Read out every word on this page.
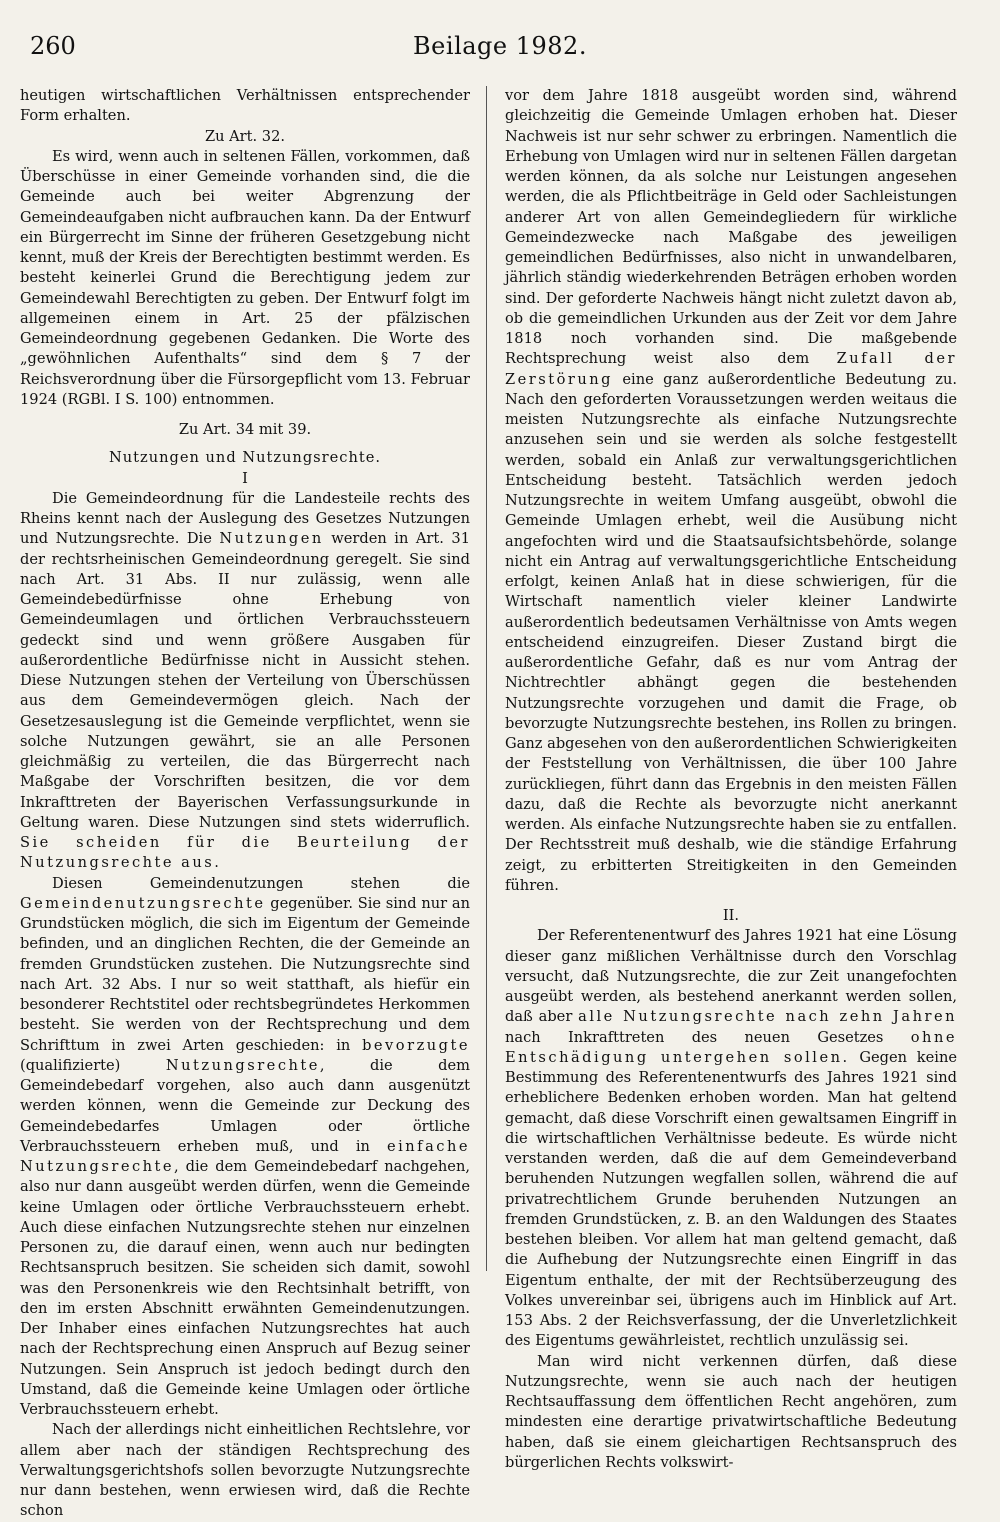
260	Beilage 1982.

heutigen wirtschaftlichen Verhältnissen entsprechender Form erhalten.

Zu Art. 32.

Es wird, wenn auch in seltenen Fällen, vorkommen, daß Überschüsse in einer Gemeinde vorhanden sind, die die Gemeinde auch bei weiter Abgrenzung der Gemeindeaufgaben nicht aufbrauchen kann. Da der Entwurf ein Bürgerrecht im Sinne der früheren Gesetzgebung nicht kennt, muß der Kreis der Berechtigten bestimmt werden. Es besteht keinerlei Grund die Berechtigung jedem zur Gemeindewahl Berechtigten zu geben. Der Entwurf folgt im allgemeinen einem in Art. 25 der pfälzischen Gemeindeordnung gegebenen Gedanken. Die Worte des „gewöhnlichen Aufenthalts“ sind dem § 7 der Reichsverordnung über die Fürsorgepflicht vom 13. Februar 1924 (RGBl. I S. 100) entnommen.

Zu Art. 34 mit 39.

Nutzungen und Nutzungsrechte.

I

Die Gemeindeordnung für die Landesteile rechts des Rheins kennt nach der Auslegung des Gesetzes Nutzungen und Nutzungsrechte. Die Nutzungen werden in Art. 31 der rechtsrheinischen Gemeindeordnung geregelt. Sie sind nach Art. 31 Abs. II nur zulässig, wenn alle Gemeindebedürfnisse ohne Erhebung von Gemeindeumlagen und örtlichen Verbrauchssteuern gedeckt sind und wenn größere Ausgaben für außerordentliche Bedürfnisse nicht in Aussicht stehen. Diese Nutzungen stehen der Verteilung von Überschüssen aus dem Gemeindevermögen gleich. Nach der Gesetzesauslegung ist die Gemeinde verpflichtet, wenn sie solche Nutzungen gewährt, sie an alle Personen gleichmäßig zu verteilen, die das Bürgerrecht nach Maßgabe der Vorschriften besitzen, die vor dem Inkrafttreten der Bayerischen Verfassungsurkunde in Geltung waren. Diese Nutzungen sind stets widerruflich. Sie scheiden für die Beurteilung der Nutzungsrechte aus.

Diesen Gemeindenutzungen stehen die Gemeindenutzungsrechte gegenüber. Sie sind nur an Grundstücken möglich, die sich im Eigentum der Gemeinde befinden, und an dinglichen Rechten, die der Gemeinde an fremden Grundstücken zustehen. Die Nutzungsrechte sind nach Art. 32 Abs. I nur so weit statthaft, als hiefür ein besonderer Rechtstitel oder rechtsbegründetes Herkommen besteht. Sie werden von der Rechtsprechung und dem Schrifttum in zwei Arten geschieden: in bevorzugte (qualifizierte) Nutzungsrechte, die dem Gemeindebedarf vorgehen, also auch dann ausgenützt werden können, wenn die Gemeinde zur Deckung des Gemeindebedarfes Umlagen oder örtliche Verbrauchssteuern erheben muß, und in einfache Nutzungsrechte, die dem Gemeindebedarf nachgehen, also nur dann ausgeübt werden dürfen, wenn die Gemeinde keine Umlagen oder örtliche Verbrauchssteuern erhebt. Auch diese einfachen Nutzungsrechte stehen nur einzelnen Personen zu, die darauf einen, wenn auch nur bedingten Rechtsanspruch besitzen. Sie scheiden sich damit, sowohl was den Personenkreis wie den Rechtsinhalt betrifft, von den im ersten Abschnitt erwähnten Gemeindenutzungen. Der Inhaber eines einfachen Nutzungsrechtes hat auch nach der Rechtsprechung einen Anspruch auf Bezug seiner Nutzungen. Sein Anspruch ist jedoch bedingt durch den Umstand, daß die Gemeinde keine Umlagen oder örtliche Verbrauchssteuern erhebt.

Nach der allerdings nicht einheitlichen Rechtslehre, vor allem aber nach der ständigen Rechtsprechung des Verwaltungsgerichtshofs sollen bevorzugte Nutzungsrechte nur dann bestehen, wenn erwiesen wird, daß die Rechte schon

vor dem Jahre 1818 ausgeübt worden sind, während gleichzeitig die Gemeinde Umlagen erhoben hat. Dieser Nachweis ist nur sehr schwer zu erbringen. Namentlich die Erhebung von Umlagen wird nur in seltenen Fällen dargetan werden können, da als solche nur Leistungen angesehen werden, die als Pflichtbeiträge in Geld oder Sachleistungen anderer Art von allen Gemeindegliedern für wirkliche Gemeindezwecke nach Maßgabe des jeweiligen gemeindlichen Bedürfnisses, also nicht in unwandelbaren, jährlich ständig wiederkehrenden Beträgen erhoben worden sind. Der geforderte Nachweis hängt nicht zuletzt davon ab, ob die gemeindlichen Urkunden aus der Zeit vor dem Jahre 1818 noch vorhanden sind. Die maßgebende Rechtsprechung weist also dem Zufall der Zerstörung eine ganz außerordentliche Bedeutung zu. Nach den geforderten Voraussetzungen werden weitaus die meisten Nutzungsrechte als einfache Nutzungsrechte anzusehen sein und sie werden als solche festgestellt werden, sobald ein Anlaß zur verwaltungsgerichtlichen Entscheidung besteht. Tatsächlich werden jedoch Nutzungsrechte in weitem Umfang ausgeübt, obwohl die Gemeinde Umlagen erhebt, weil die Ausübung nicht angefochten wird und die Staatsaufsichtsbehörde, solange nicht ein Antrag auf verwaltungsgerichtliche Entscheidung erfolgt, keinen Anlaß hat in diese schwierigen, für die Wirtschaft namentlich vieler kleiner Landwirte außerordentlich bedeutsamen Verhältnisse von Amts wegen entscheidend einzugreifen. Dieser Zustand birgt die außerordentliche Gefahr, daß es nur vom Antrag der Nichtrechtler abhängt gegen die bestehenden Nutzungsrechte vorzugehen und damit die Frage, ob bevorzugte Nutzungsrechte bestehen, ins Rollen zu bringen. Ganz abgesehen von den außerordentlichen Schwierigkeiten der Feststellung von Verhältnissen, die über 100 Jahre zurückliegen, führt dann das Ergebnis in den meisten Fällen dazu, daß die Rechte als bevorzugte nicht anerkannt werden. Als einfache Nutzungsrechte haben sie zu entfallen. Der Rechtsstreit muß deshalb, wie die ständige Erfahrung zeigt, zu erbitterten Streitigkeiten in den Gemeinden führen.

II.

Der Referentenentwurf des Jahres 1921 hat eine Lösung dieser ganz mißlichen Verhältnisse durch den Vorschlag versucht, daß Nutzungsrechte, die zur Zeit unangefochten ausgeübt werden, als bestehend anerkannt werden sollen, daß aber alle Nutzungsrechte nach zehn Jahren nach Inkrafttreten des neuen Gesetzes ohne Entschädigung untergehen sollen. Gegen keine Bestimmung des Referentenentwurfs des Jahres 1921 sind erheblichere Bedenken erhoben worden. Man hat geltend gemacht, daß diese Vorschrift einen gewaltsamen Eingriff in die wirtschaftlichen Verhältnisse bedeute. Es würde nicht verstanden werden, daß die auf dem Gemeindeverband beruhenden Nutzungen wegfallen sollen, während die auf privatrechtlichem Grunde beruhenden Nutzungen an fremden Grundstücken, z. B. an den Waldungen des Staates bestehen bleiben. Vor allem hat man geltend gemacht, daß die Aufhebung der Nutzungsrechte einen Eingriff in das Eigentum enthalte, der mit der Rechtsüberzeugung des Volkes unvereinbar sei, übrigens auch im Hinblick auf Art. 153 Abs. 2 der Reichsverfassung, der die Unverletzlichkeit des Eigentums gewährleistet, rechtlich unzulässig sei.

Man wird nicht verkennen dürfen, daß diese Nutzungsrechte, wenn sie auch nach der heutigen Rechtsauffassung dem öffentlichen Recht angehören, zum mindesten eine derartige privatwirtschaftliche Bedeutung haben, daß sie einem gleichartigen Rechtsanspruch des bürgerlichen Rechts volkswirt-
